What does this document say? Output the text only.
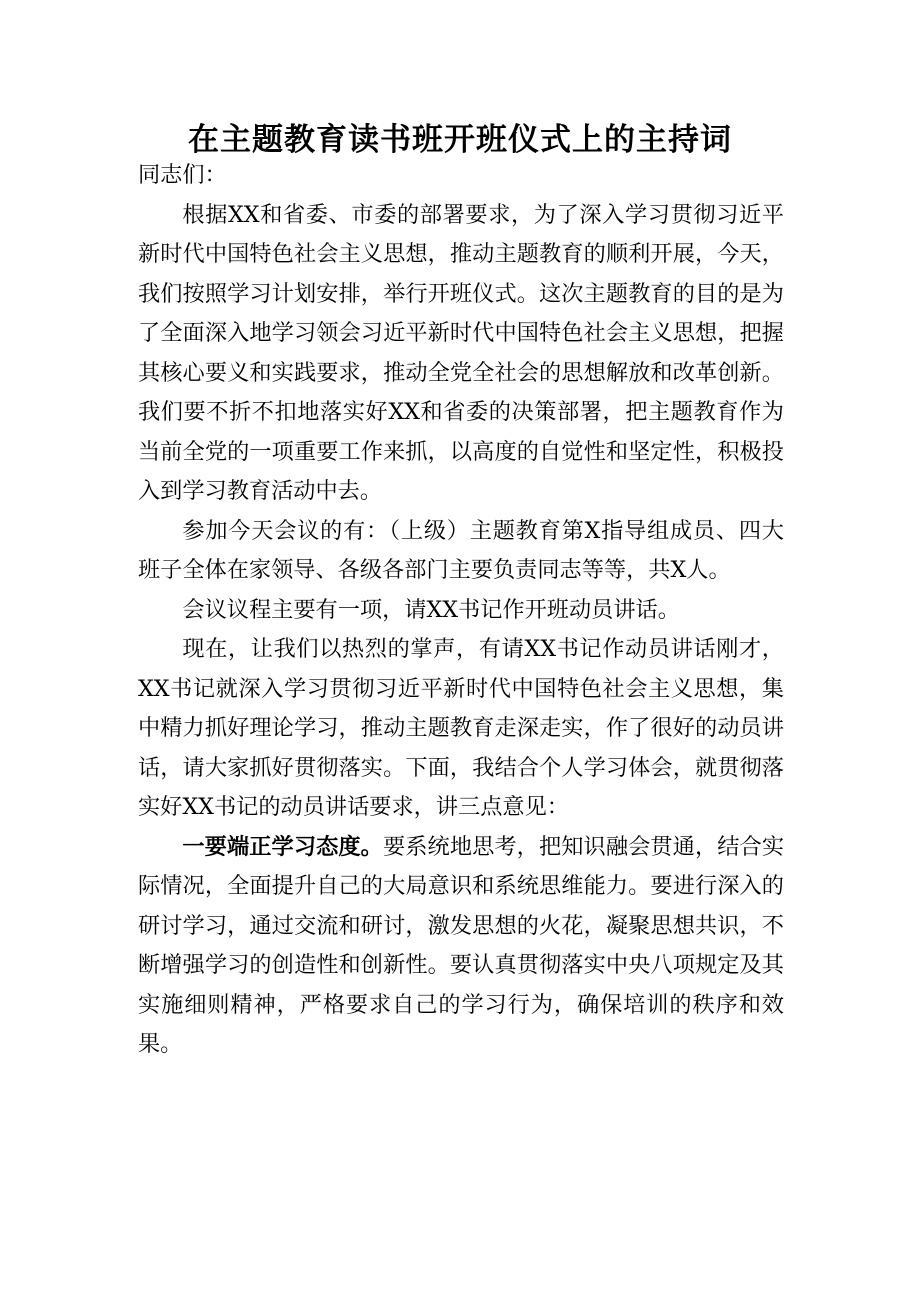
在主题教育读书班开班仪式上的主持词

同志们：

根据XX和省委、市委的部署要求，为了深入学习贯彻习近平新时代中国特色社会主义思想，推动主题教育的顺利开展，今天，我们按照学习计划安排，举行开班仪式。这次主题教育的目的是为了全面深入地学习领会习近平新时代中国特色社会主义思想，把握其核心要义和实践要求，推动全党全社会的思想解放和改革创新。我们要不折不扣地落实好XX和省委的决策部署，把主题教育作为当前全党的一项重要工作来抓，以高度的自觉性和坚定性，积极投入到学习教育活动中去。

参加今天会议的有：（上级）主题教育第X指导组成员、四大班子全体在家领导、各级各部门主要负责同志等等，共X人。

会议议程主要有一项，请XX书记作开班动员讲话。

现在，让我们以热烈的掌声，有请XX书记作动员讲话刚才，XX书记就深入学习贯彻习近平新时代中国特色社会主义思想，集中精力抓好理论学习，推动主题教育走深走实，作了很好的动员讲话，请大家抓好贯彻落实。下面，我结合个人学习体会，就贯彻落实好XX书记的动员讲话要求，讲三点意见：

一要端正学习态度。要系统地思考，把知识融会贯通，结合实际情况，全面提升自己的大局意识和系统思维能力。要进行深入的研讨学习，通过交流和研讨，激发思想的火花，凝聚思想共识，不断增强学习的创造性和创新性。要认真贯彻落实中央八项规定及其实施细则精神，严格要求自己的学习行为，确保培训的秩序和效果。
